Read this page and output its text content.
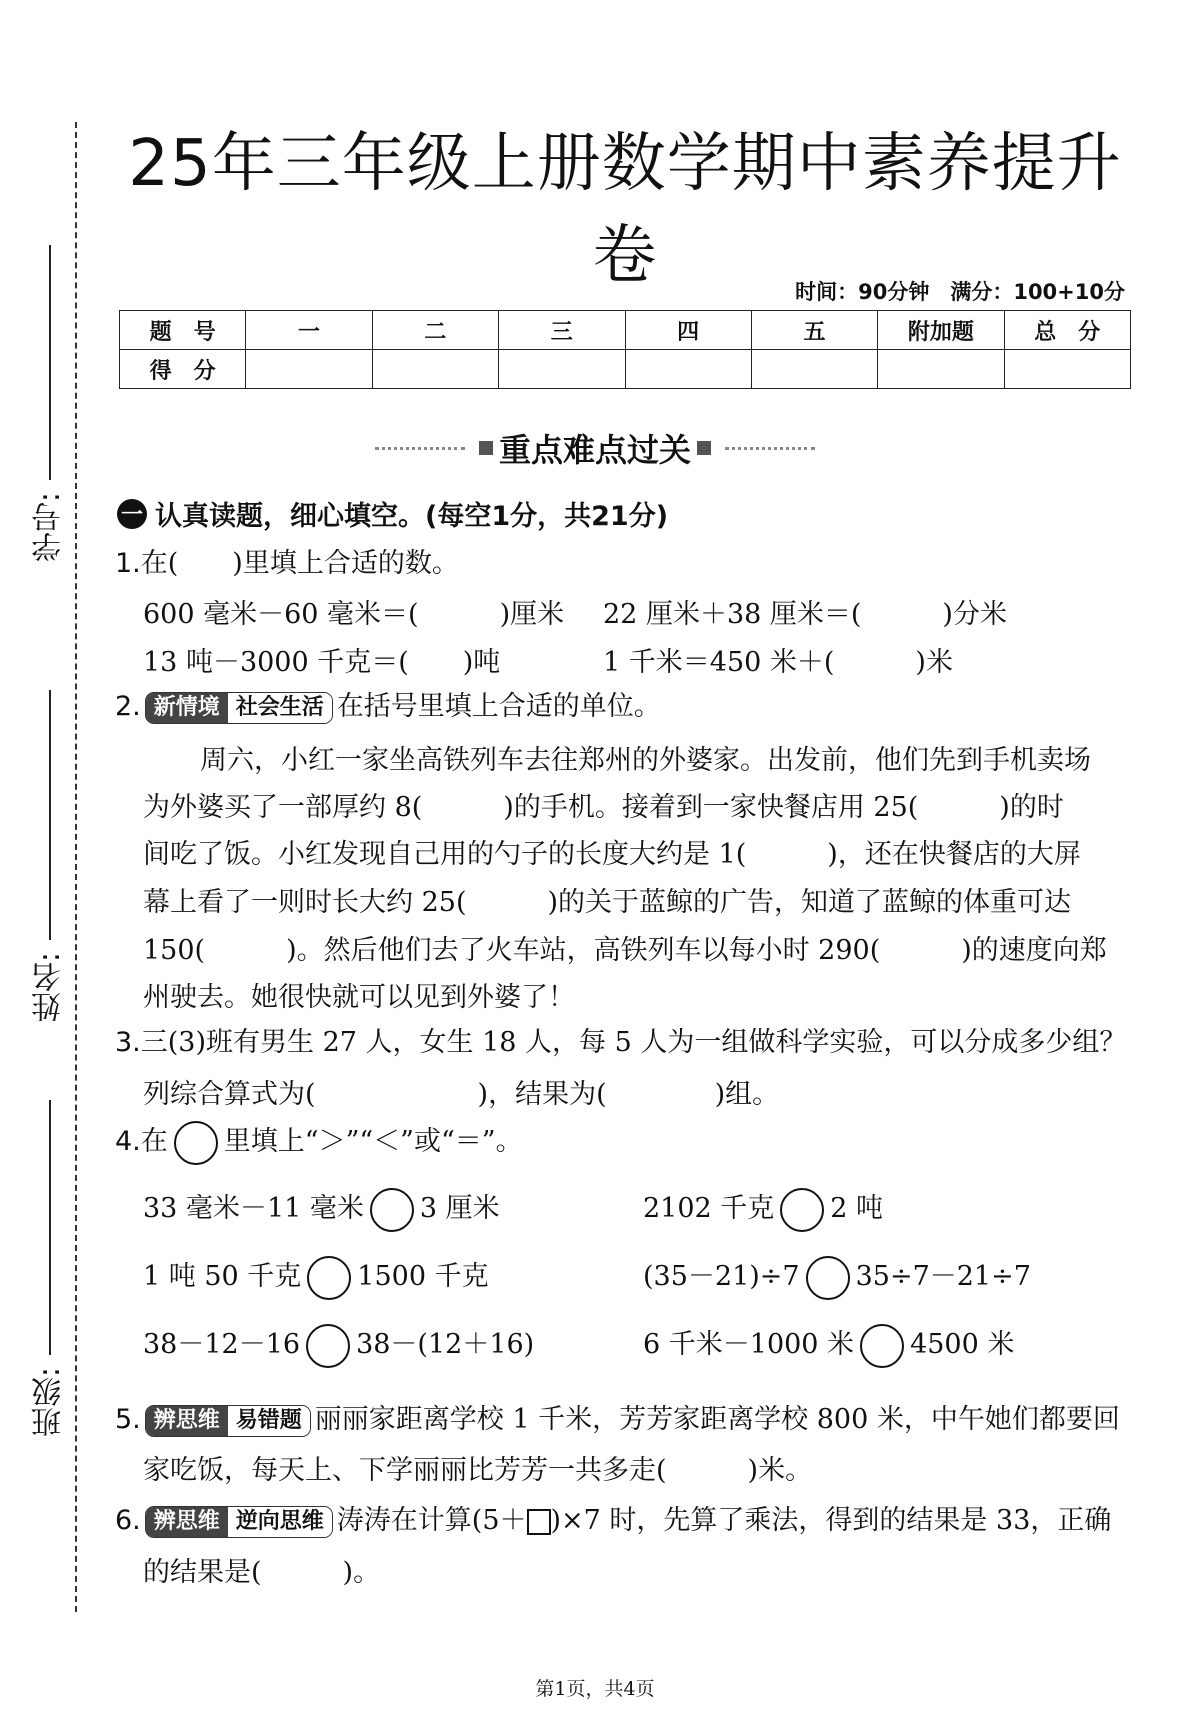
学号:
姓名:
班级:
25年三年级上册数学期中素养提升卷	时间：90分钟　满分：100+10分
题　号	一	二	三	四	五	附加题	总　分
得　分							
重点难点过关
一 认真读题，细心填空。(每空1分，共21分)
1.在(　　)里填上合适的数。
600 毫米－60 毫米＝(　　　)厘米 22 厘米＋38 厘米＝(　　　)分米
13 吨－3000 千克＝(　　)吨	1 千米＝450 米＋(　　　)米
2. 新情境 社会生活 在括号里填上合适的单位。
周六，小红一家坐高铁列车去往郑州的外婆家。出发前，他们先到手机卖场
为外婆买了一部厚约 8(　　　)的手机。接着到一家快餐店用 25(　　　)的时
间吃了饭。小红发现自己用的勺子的长度大约是 1(　　　)，还在快餐店的大屏
幕上看了一则时长大约 25(　　　)的关于蓝鲸的广告，知道了蓝鲸的体重可达
150(　　　)。然后他们去了火车站，高铁列车以每小时 290(　　　)的速度向郑
州驶去。她很快就可以见到外婆了！
3.三(3)班有男生 27 人，女生 18 人，每 5 人为一组做科学实验，可以分成多少组？
列综合算式为(　　　　　　)，结果为(　　　　)组。
4.在 里填上“＞”“＜”或“＝”。
33 毫米－11 毫米 3 厘米	2102 千克 2 吨
1 吨 50 千克 1500 千克	(35－21)÷7 35÷7－21÷7
38－12－16 38－(12＋16)	6 千米－1000 米 4500 米
5. 辨思维 易错题 丽丽家距离学校 1 千米，芳芳家距离学校 800 米，中午她们都要回
家吃饭，每天上、下学丽丽比芳芳一共多走(　　　)米。
6. 辨思维 逆向思维 涛涛在计算(5＋ )×7 时，先算了乘法，得到的结果是 33，正确
的结果是(　　　)。
第1页，共4页
